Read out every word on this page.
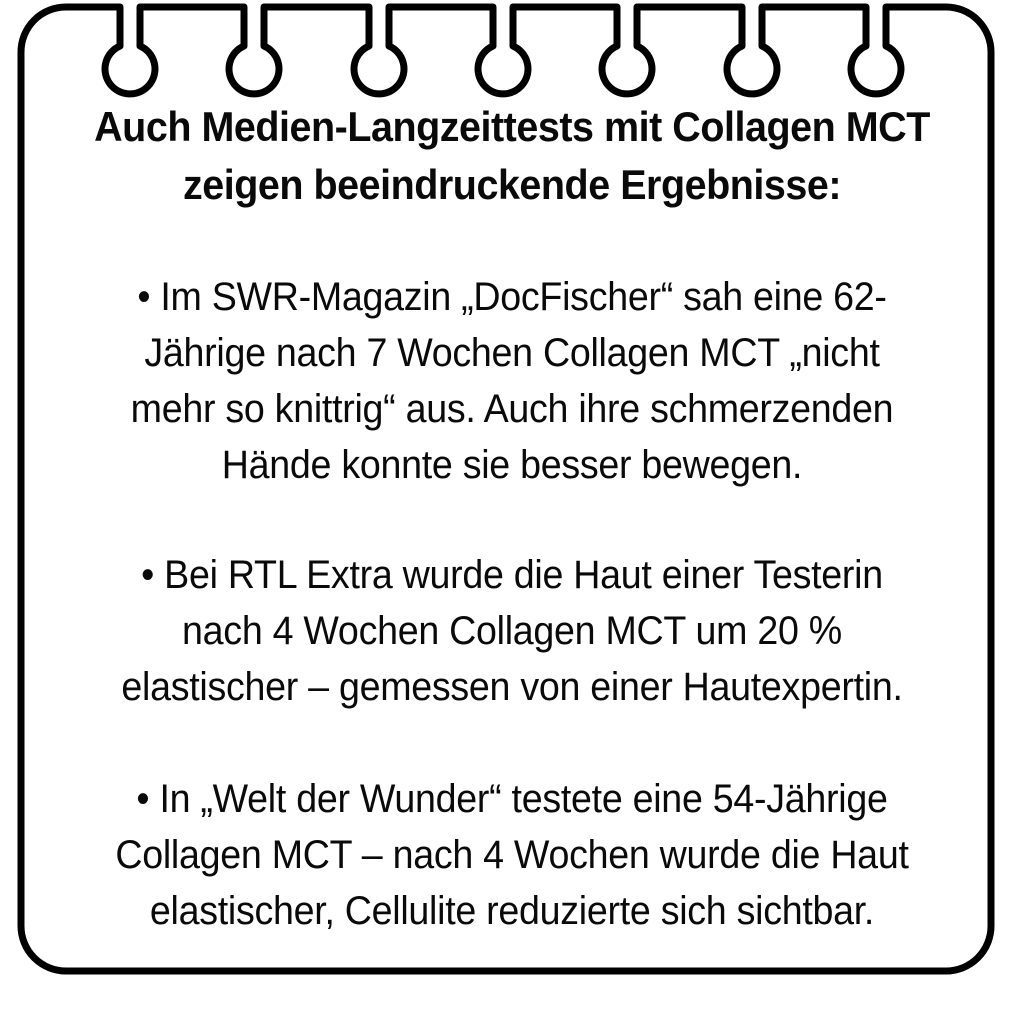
Auch Medien-Langzeittests mit Collagen MCT
zeigen beeindruckende Ergebnisse:
• Im SWR-Magazin „DocFischer“ sah eine 62-
Jährige nach 7 Wochen Collagen MCT „nicht
mehr so knittrig“ aus. Auch ihre schmerzenden
Hände konnte sie besser bewegen.
• Bei RTL Extra wurde die Haut einer Testerin
nach 4 Wochen Collagen MCT um 20 %
elastischer – gemessen von einer Hautexpertin.
• In „Welt der Wunder“ testete eine 54-Jährige
Collagen MCT – nach 4 Wochen wurde die Haut
elastischer, Cellulite reduzierte sich sichtbar.
